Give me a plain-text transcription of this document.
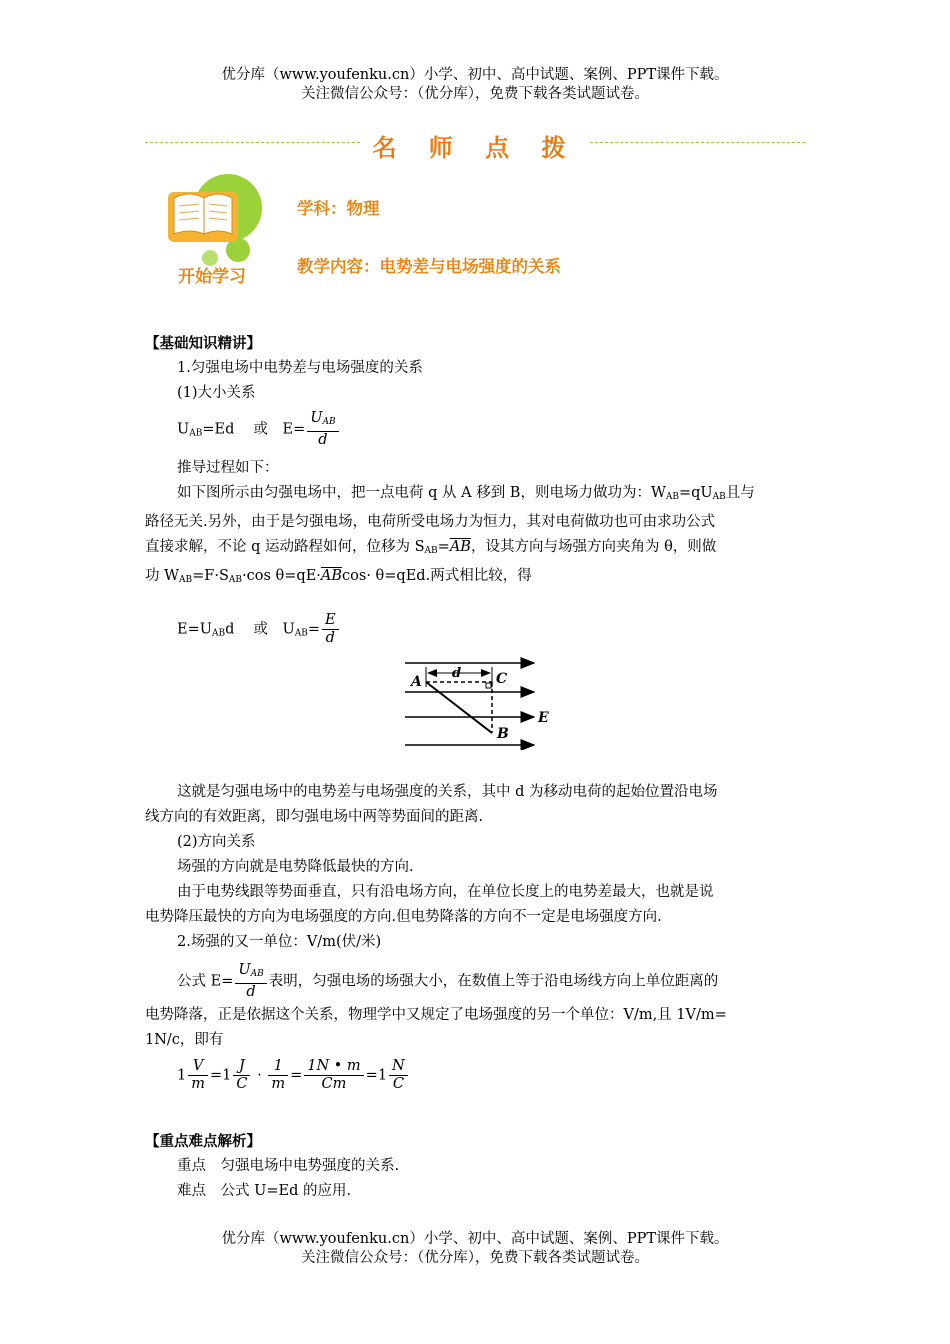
优分库（www.youfenku.cn）小学、初中、高中试题、案例、PPT课件下载。
关注微信公众号：（优分库），免费下载各类试题试卷。
名 师 点 拨
开始学习
学科：物理
教学内容：电势差与电场强度的关系
【基础知识精讲】
1.匀强电场中电势差与电场强度的关系
(1)大小关系
$U_{AB}=Ed$　 或　$E= \frac{U_{AB}}{d}$
推导过程如下：
如下图所示由匀强电场中，把一点电荷 q 从 A 移到 B，则电场力做功为：$W_{AB}=qU_{AB}$且与
路径无关.另外，由于是匀强电场，电荷所受电场力为恒力，其对电荷做功也可由求功公式
直接求解，不论 q 运动路程如何，位移为 $S_{AB}=\overline{AB}$，设其方向与场强方向夹角为 θ，则做
功 $W_{AB}=F\cdot S_{AB}\cdot\cos$ $\theta=qE\cdot\overline{AB}\cos\cdot \theta=qEd$.两式相比较，得
$E=U_{AB}d$　 或　$U_{AB}= \frac{E}{d}$
A
d C
B
E
这就是匀强电场中的电势差与电场强度的关系，其中 d 为移动电荷的起始位置沿电场
线方向的有效距离，即匀强电场中两等势面间的距离.
(2)方向关系
场强的方向就是电势降低最快的方向.
由于电势线跟等势面垂直，只有沿电场方向，在单位长度上的电势差最大，也就是说
电势降压最快的方向为电场强度的方向.但电势降落的方向不一定是电场强度方向.
2.场强的又一单位：V/m(伏/米)
公式 $E= \frac{U_{AB}}{d}$ 表明，匀强电场的场强大小，在数值上等于沿电场线方向上单位距离的
电势降落，正是依据这个关系，物理学中又规定了电场强度的另一个单位：V/m,且 1V/m=
1N/c，即有
$1 \frac{V}{m} =1 \frac{J}{C} \cdot \frac{1}{m} = \frac{1N • m}{Cm} =1 \frac{N}{C}$
【重点难点解析】
重点　匀强电场中电势强度的关系.
难点　公式 U=Ed 的应用.
优分库（www.youfenku.cn）小学、初中、高中试题、案例、PPT课件下载。
关注微信公众号：（优分库），免费下载各类试题试卷。
